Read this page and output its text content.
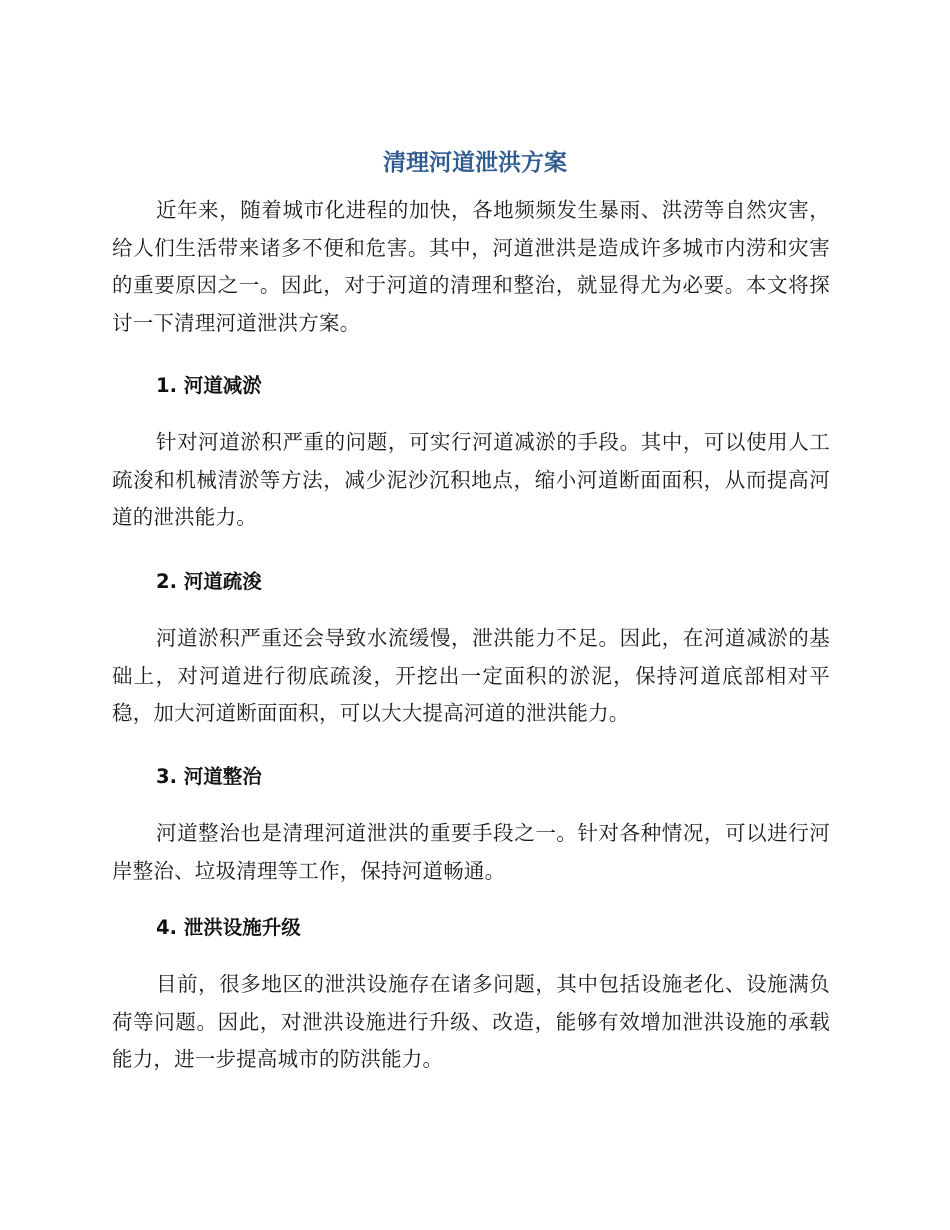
清理河道泄洪方案

近年来，随着城市化进程的加快，各地频频发生暴雨、洪涝等自然灾害，给人们生活带来诸多不便和危害。其中，河道泄洪是造成许多城市内涝和灾害的重要原因之一。因此，对于河道的清理和整治，就显得尤为必要。本文将探讨一下清理河道泄洪方案。

1. 河道减淤

针对河道淤积严重的问题，可实行河道减淤的手段。其中，可以使用人工疏浚和机械清淤等方法，减少泥沙沉积地点，缩小河道断面面积，从而提高河道的泄洪能力。

2. 河道疏浚

河道淤积严重还会导致水流缓慢，泄洪能力不足。因此，在河道减淤的基础上，对河道进行彻底疏浚，开挖出一定面积的淤泥，保持河道底部相对平稳，加大河道断面面积，可以大大提高河道的泄洪能力。

3. 河道整治

河道整治也是清理河道泄洪的重要手段之一。针对各种情况，可以进行河岸整治、垃圾清理等工作，保持河道畅通。

4. 泄洪设施升级

目前，很多地区的泄洪设施存在诸多问题，其中包括设施老化、设施满负荷等问题。因此，对泄洪设施进行升级、改造，能够有效增加泄洪设施的承载能力，进一步提高城市的防洪能力。
